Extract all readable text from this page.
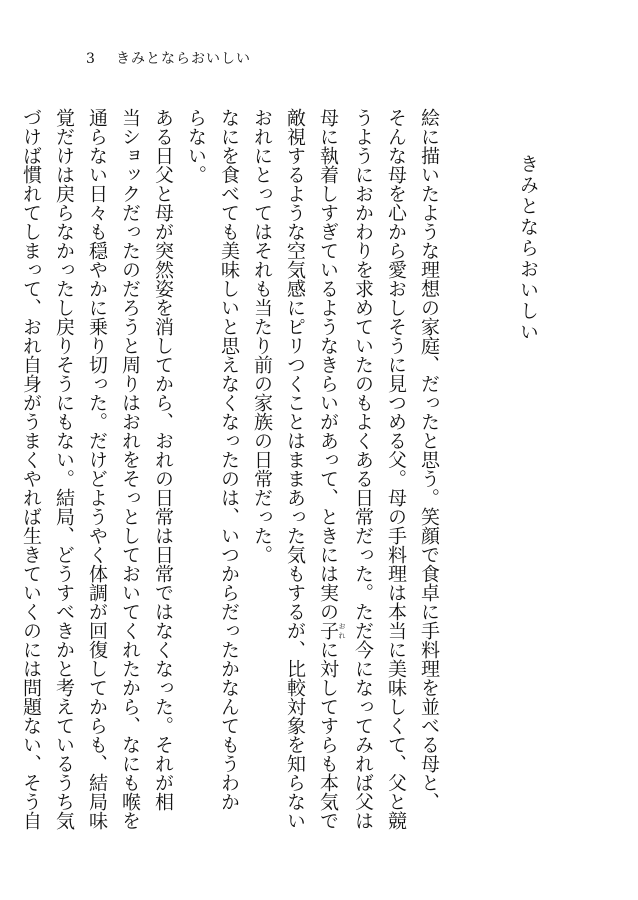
3 きみとならおいしい
きみとならおいしい

絵に描いたような理想の家庭、だったと思う。笑顔で食卓に手料理を並べる母と、
そんな母を心から愛おしそうに見つめる父。母の手料理は本当に美味しくて、父と競
うようにおかわりを求めていたのもよくある日常だった。ただ今になってみれば父は
母に執着しすぎているようなきらいがあって、ときには実の子 おれに対してすらも本気で
敵視するような空気感にピリつくことはままあった気もするが、比較対象を知らない
おれにとってはそれも当たり前の家族の日常だった。

なにを食べても美味しいと思えなくなったのは、いつからだったかなんてもうわか
らない。

ある日父と母が突然姿を消してから、おれの日常は日常ではなくなった。それが相
当ショックだったのだろうと周りはおれをそっとしておいてくれたから、なにも喉を
通らない日々も穏やかに乗り切った。だけどようやく体調が回復してからも、結局味
覚だけは戻らなかったし戻りそうにもない。結局、どうすべきかと考えているうち気
づけば慣れてしまって、おれ自身がうまくやれば生きていくのには問題ない、そう自
